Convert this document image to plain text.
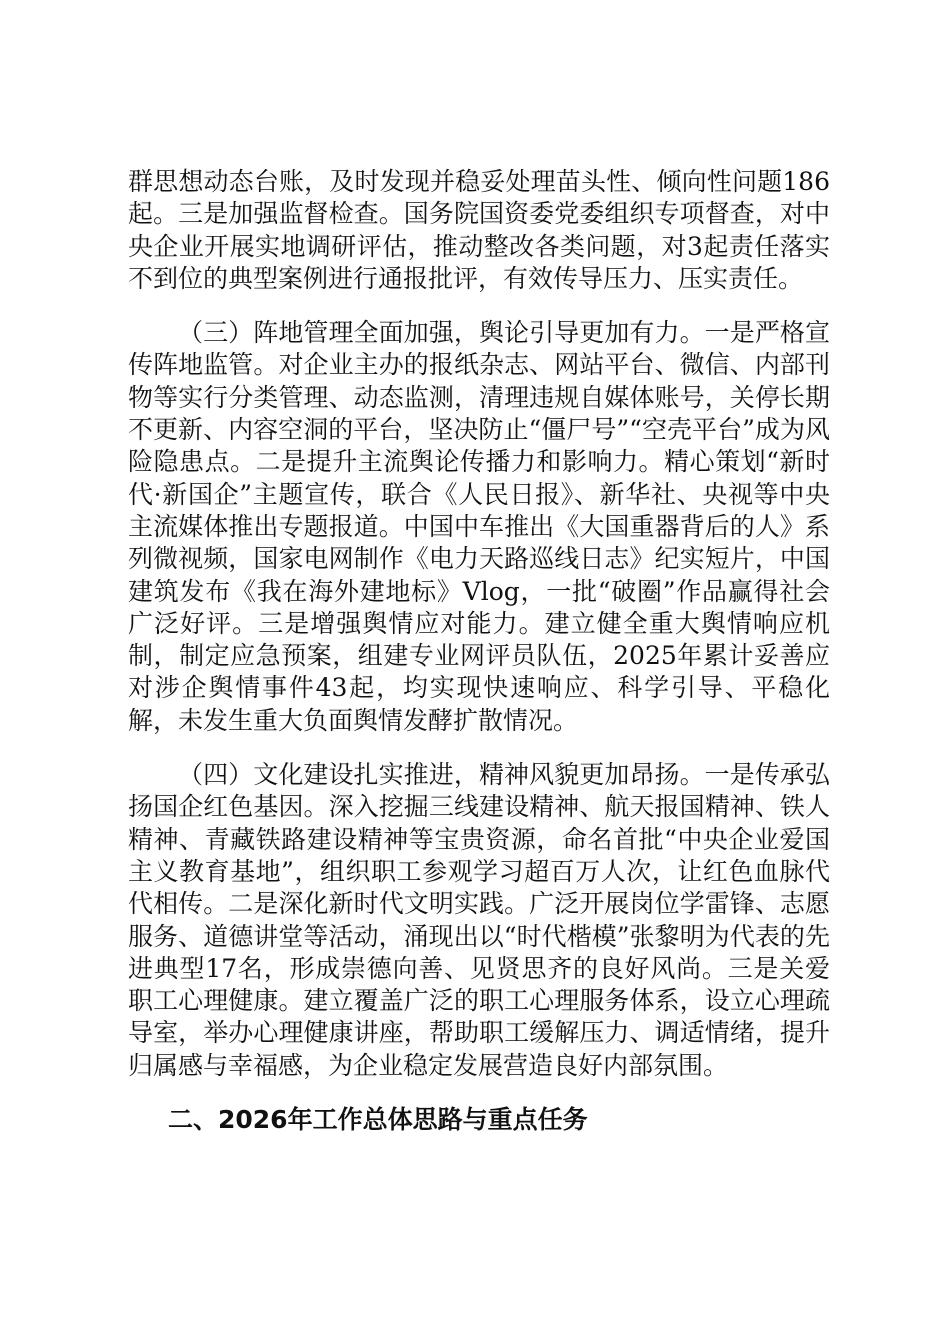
群思想动态台账，及时发现并稳妥处理苗头性、倾向性问题186起。三是加强监督检查。国务院国资委党委组织专项督查，对中央企业开展实地调研评估，推动整改各类问题，对3起责任落实不到位的典型案例进行通报批评，有效传导压力、压实责任。

（三）阵地管理全面加强，舆论引导更加有力。一是严格宣传阵地监管。对企业主办的报纸杂志、网站平台、微信、内部刊物等实行分类管理、动态监测，清理违规自媒体账号，关停长期不更新、内容空洞的平台，坚决防止“僵尸号”“空壳平台”成为风险隐患点。二是提升主流舆论传播力和影响力。精心策划“新时代·新国企”主题宣传，联合《人民日报》、新华社、央视等中央主流媒体推出专题报道。中国中车推出《大国重器背后的人》系列微视频，国家电网制作《电力天路巡线日志》纪实短片，中国建筑发布《我在海外建地标》Vlog，一批“破圈”作品赢得社会广泛好评。三是增强舆情应对能力。建立健全重大舆情响应机制，制定应急预案，组建专业网评员队伍，2025年累计妥善应对涉企舆情事件43起，均实现快速响应、科学引导、平稳化解，未发生重大负面舆情发酵扩散情况。

（四）文化建设扎实推进，精神风貌更加昂扬。一是传承弘扬国企红色基因。深入挖掘三线建设精神、航天报国精神、铁人精神、青藏铁路建设精神等宝贵资源，命名首批“中央企业爱国主义教育基地”，组织职工参观学习超百万人次，让红色血脉代代相传。二是深化新时代文明实践。广泛开展岗位学雷锋、志愿服务、道德讲堂等活动，涌现出以“时代楷模”张黎明为代表的先进典型17名，形成崇德向善、见贤思齐的良好风尚。三是关爱职工心理健康。建立覆盖广泛的职工心理服务体系，设立心理疏导室，举办心理健康讲座，帮助职工缓解压力、调适情绪，提升归属感与幸福感，为企业稳定发展营造良好内部氛围。

二、2026年工作总体思路与重点任务
